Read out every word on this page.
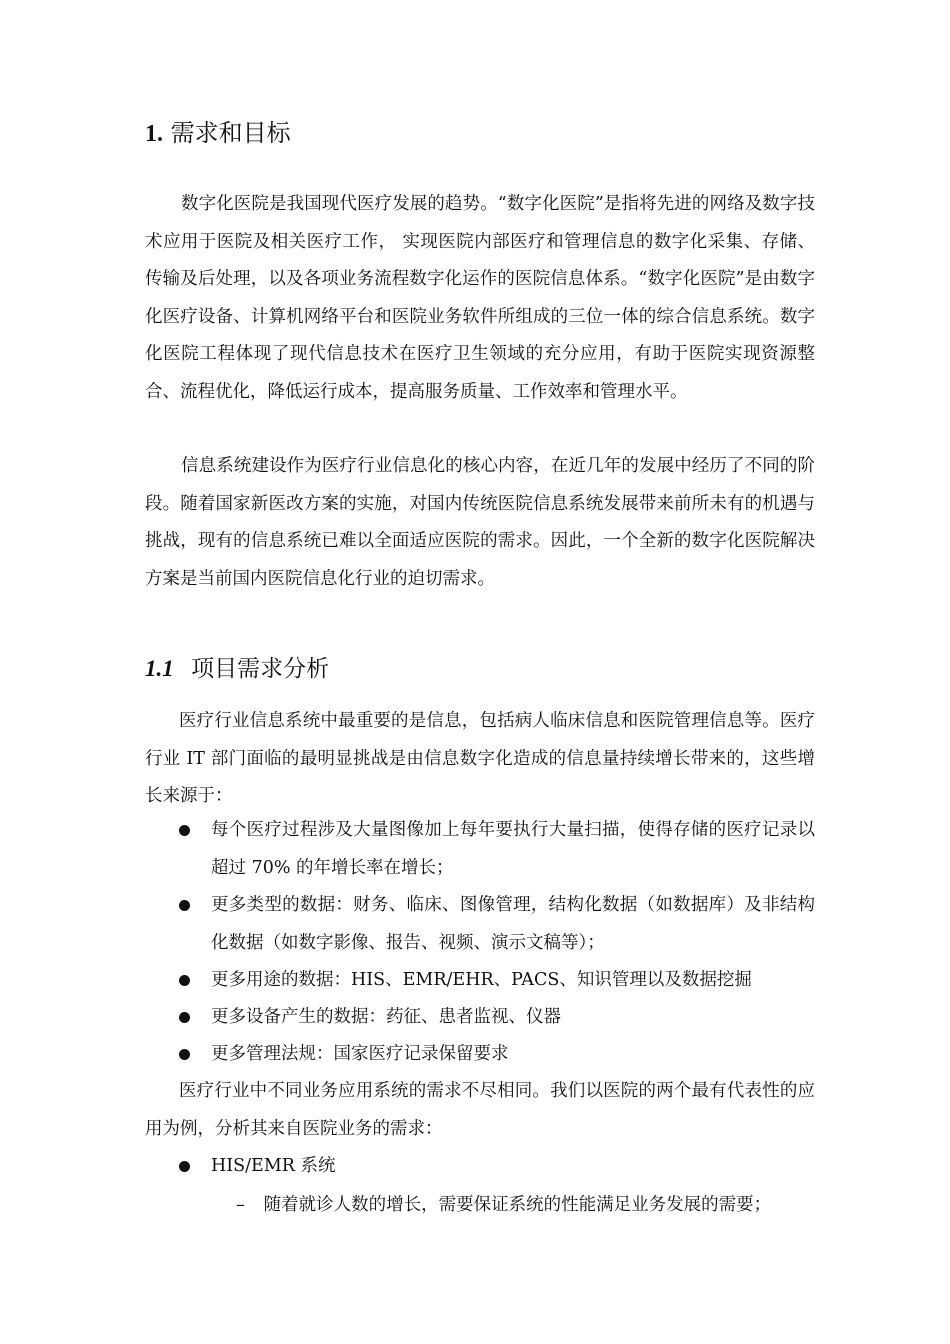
1. 需求和目标

数字化医院是我国现代医疗发展的趋势。“数字化医院”是指将先进的网络及数字技术应用于医院及相关医疗工作， 实现医院内部医疗和管理信息的数字化采集、存储、传输及后处理，以及各项业务流程数字化运作的医院信息体系。“数字化医院”是由数字化医疗设备、计算机网络平台和医院业务软件所组成的三位一体的综合信息系统。数字化医院工程体现了现代信息技术在医疗卫生领域的充分应用，有助于医院实现资源整合、流程优化，降低运行成本，提高服务质量、工作效率和管理水平。

信息系统建设作为医疗行业信息化的核心内容，在近几年的发展中经历了不同的阶段。随着国家新医改方案的实施，对国内传统医院信息系统发展带来前所未有的机遇与挑战，现有的信息系统已难以全面适应医院的需求。因此，一个全新的数字化医院解决方案是当前国内医院信息化行业的迫切需求。

1.1 项目需求分析

医疗行业信息系统中最重要的是信息，包括病人临床信息和医院管理信息等。医疗行业 IT 部门面临的最明显挑战是由信息数字化造成的信息量持续增长带来的，这些增长来源于：

每个医疗过程涉及大量图像加上每年要执行大量扫描，使得存储的医疗记录以超过 70% 的年增长率在增长；
更多类型的数据：财务、临床、图像管理，结构化数据（如数据库）及非结构化数据（如数字影像、报告、视频、演示文稿等）；
更多用途的数据：HIS、EMR/EHR、PACS、知识管理以及数据挖掘
更多设备产生的数据：药征、患者监视、仪器
更多管理法规：国家医疗记录保留要求

医疗行业中不同业务应用系统的需求不尽相同。我们以医院的两个最有代表性的应用为例，分析其来自医院业务的需求：

HIS/EMR 系统
– 随着就诊人数的增长，需要保证系统的性能满足业务发展的需要；
